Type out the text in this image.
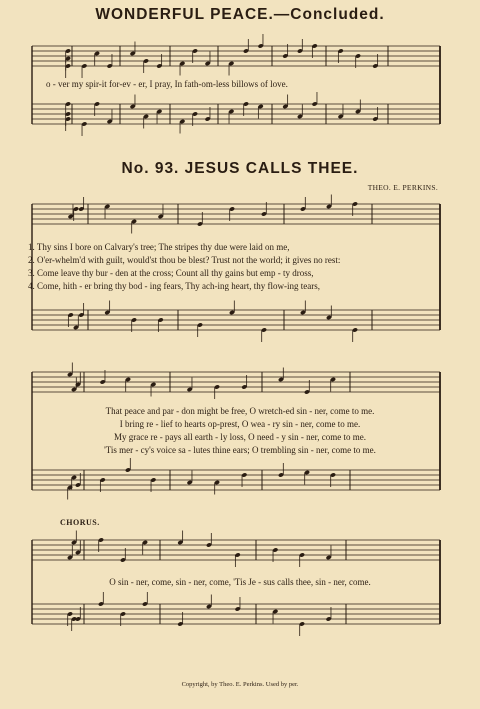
WONDERFUL PEACE.—Concluded.
o - ver my spir-it for-ev - er, I pray, In fath-om-less billows of love.
No. 93. JESUS CALLS THEE.
THEO. E. PERKINS.
1. Thy sins I bore on Calvary's tree; The stripes thy due were laid on me,
2. O'er-whelm'd with guilt, would'st thou be blest? Trust not the world; it gives no rest:
3. Come leave thy bur - den at the cross; Count all thy gains but emp - ty dross,
4. Come, hith - er bring thy bod - ing fears, Thy ach-ing heart, thy flow-ing tears,
That peace and par - don might be free, O wretch-ed sin - ner, come to me.
I bring re - lief to hearts op-prest, O wea - ry sin - ner, come to me.
My grace re - pays all earth - ly loss, O need - y sin - ner, come to me.
'Tis mer - cy's voice sa - lutes thine ears; O trembling sin - ner, come to me.
CHORUS.
O sin - ner, come, sin - ner, come, 'Tis Je - sus calls thee, sin - ner, come.
Copyright, by Theo. E. Perkins. Used by per.
